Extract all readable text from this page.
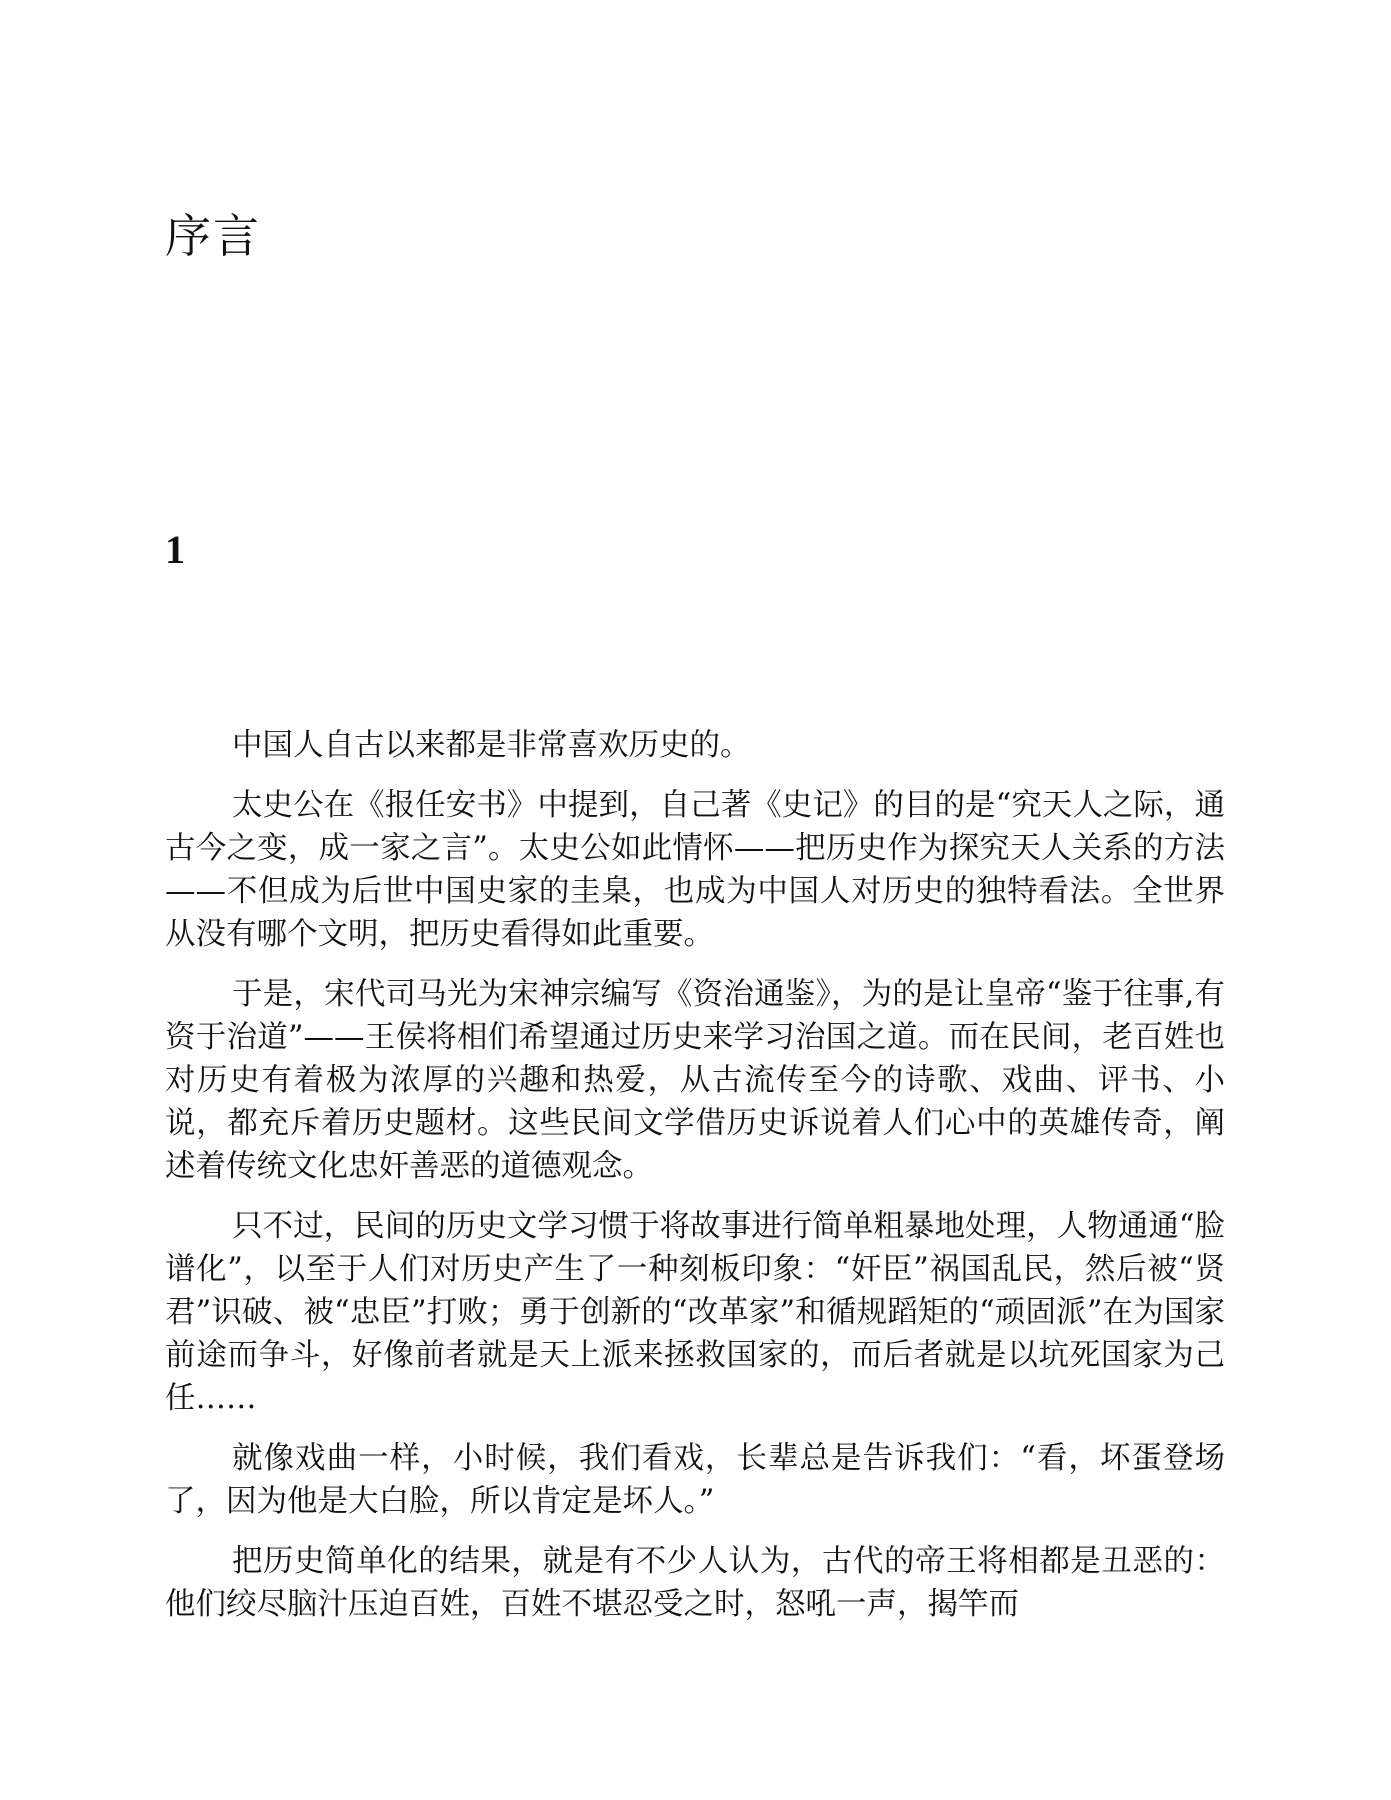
序言
1

中国人自古以来都是非常喜欢历史的。

太史公在《报任安书》中提到，自己著《史记》的目的是“究天人之际，通古今之变，成一家之言”。太史公如此情怀——把历史作为探究天人关系的方法——不但成为后世中国史家的圭臬，也成为中国人对历史的独特看法。全世界从没有哪个文明，把历史看得如此重要。

于是，宋代司马光为宋神宗编写《资治通鉴》，为的是让皇帝“鉴于往事,有资于治道”——王侯将相们希望通过历史来学习治国之道。而在民间，老百姓也对历史有着极为浓厚的兴趣和热爱，从古流传至今的诗歌、戏曲、评书、小说，都充斥着历史题材。这些民间文学借历史诉说着人们心中的英雄传奇，阐述着传统文化忠奸善恶的道德观念。

只不过，民间的历史文学习惯于将故事进行简单粗暴地处理，人物通通“脸谱化”，以至于人们对历史产生了一种刻板印象：“奸臣”祸国乱民，然后被“贤君”识破、被“忠臣”打败；勇于创新的“改革家”和循规蹈矩的“顽固派”在为国家前途而争斗，好像前者就是天上派来拯救国家的，而后者就是以坑死国家为己任……

就像戏曲一样，小时候，我们看戏，长辈总是告诉我们：“看，坏蛋登场了，因为他是大白脸，所以肯定是坏人。”

把历史简单化的结果，就是有不少人认为，古代的帝王将相都是丑恶的：他们绞尽脑汁压迫百姓，百姓不堪忍受之时，怒吼一声，揭竿而
